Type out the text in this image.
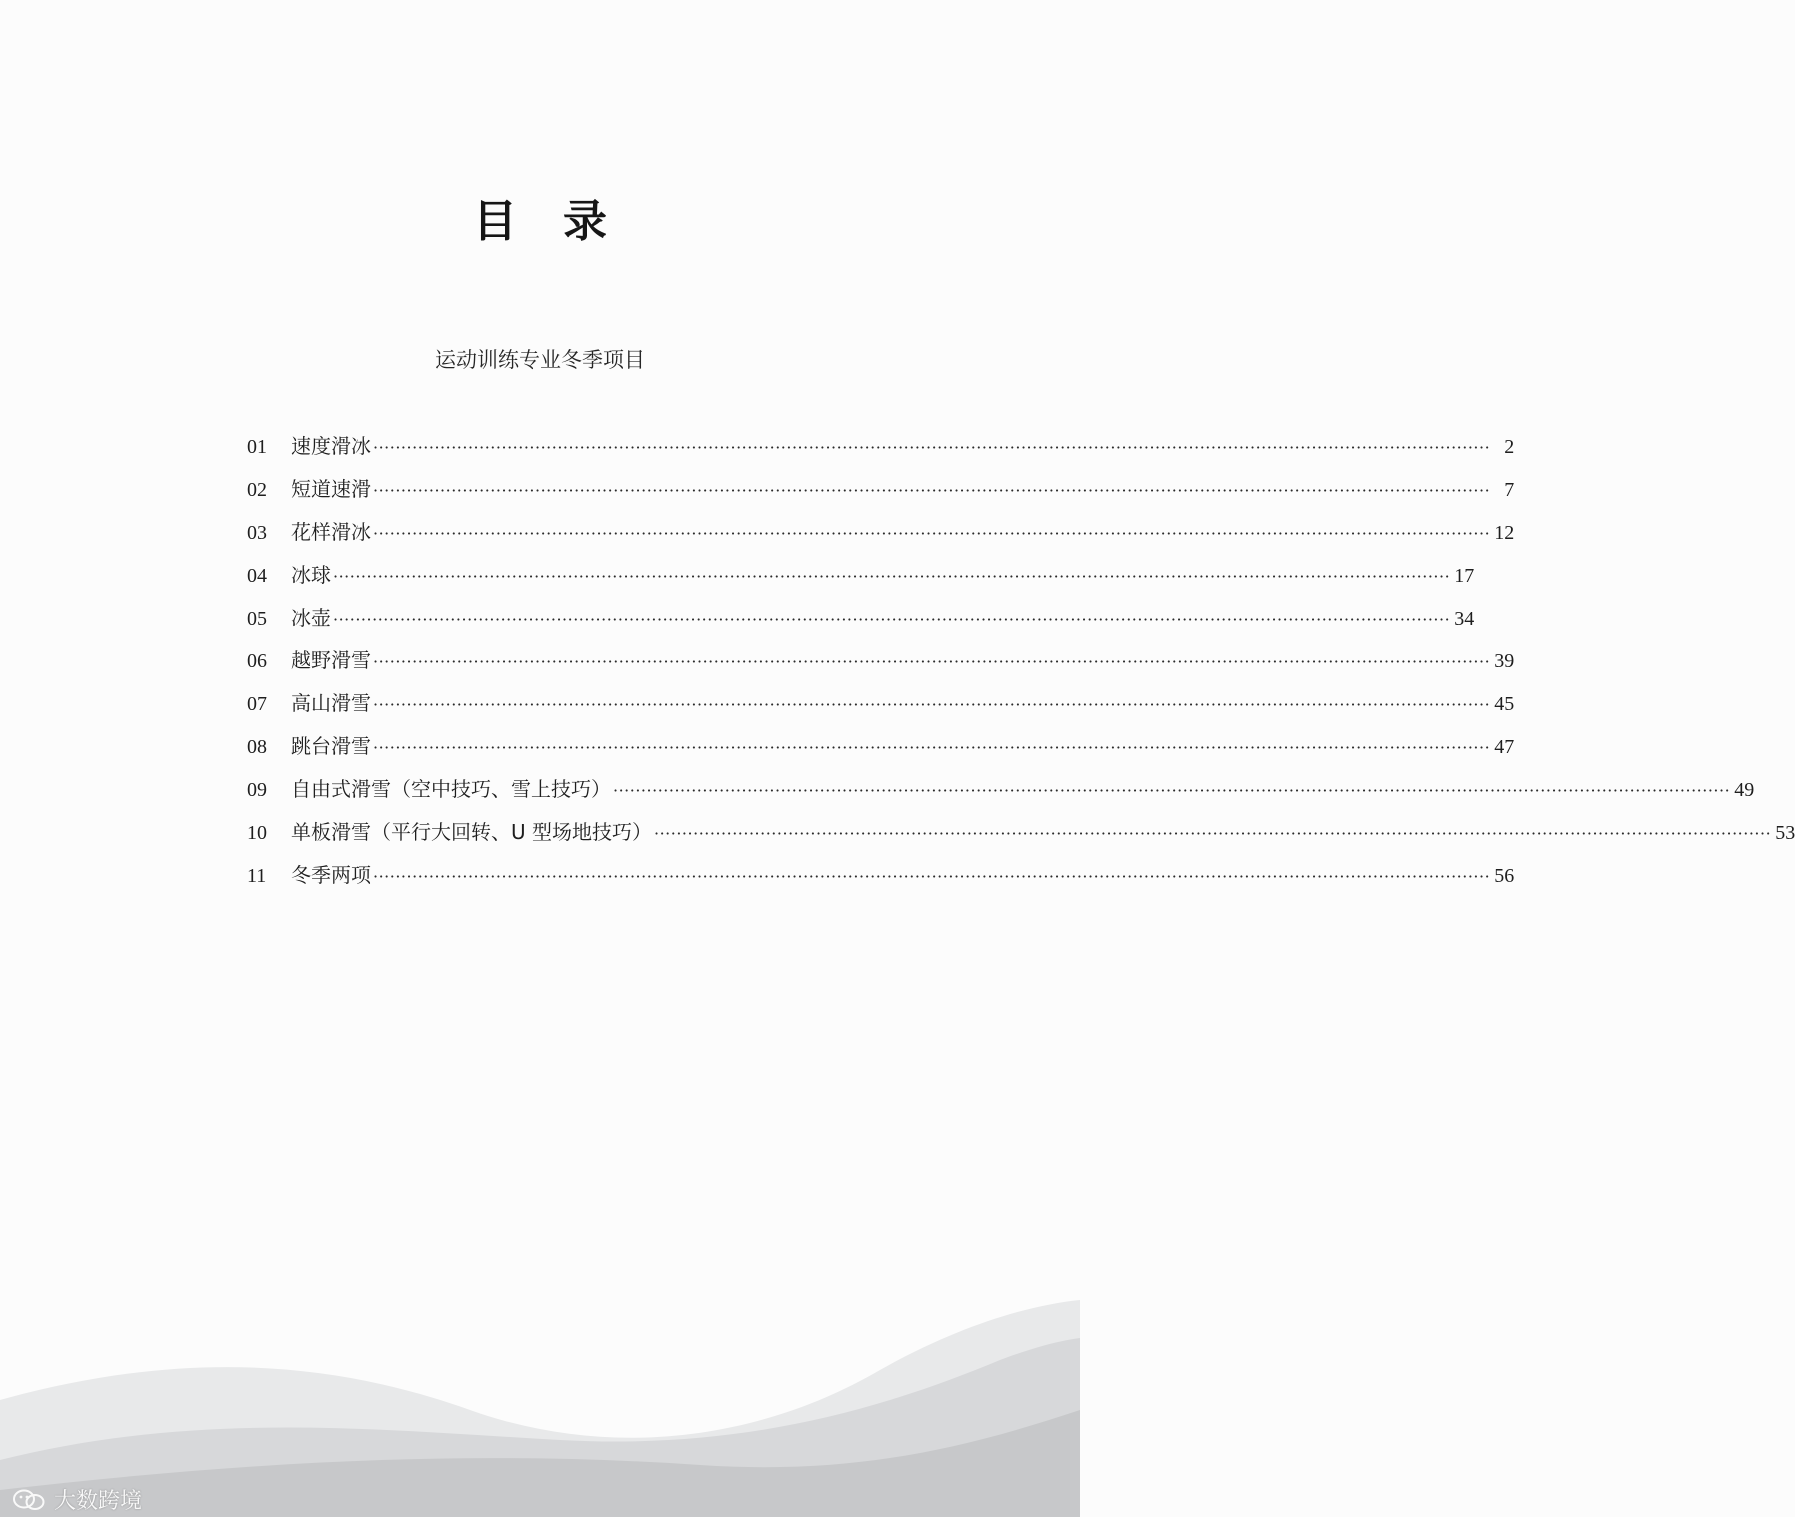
目录
运动训练专业冬季项目
01	速度滑冰 ········································································································································································································ 2
02	短道速滑 ········································································································································································································ 7
03	花样滑冰 ········································································································································································································ 12
04	冰球 ········································································································································································································ 17
05	冰壶 ········································································································································································································ 34
06	越野滑雪 ········································································································································································································ 39
07	高山滑雪 ········································································································································································································ 45
08	跳台滑雪 ········································································································································································································ 47
09	自由式滑雪（空中技巧、雪上技巧） ········································································································································································································ 49
10	单板滑雪（平行大回转、U 型场地技巧） ········································································································································································································ 53
11	冬季两项 ········································································································································································································ 56
大数跨境
